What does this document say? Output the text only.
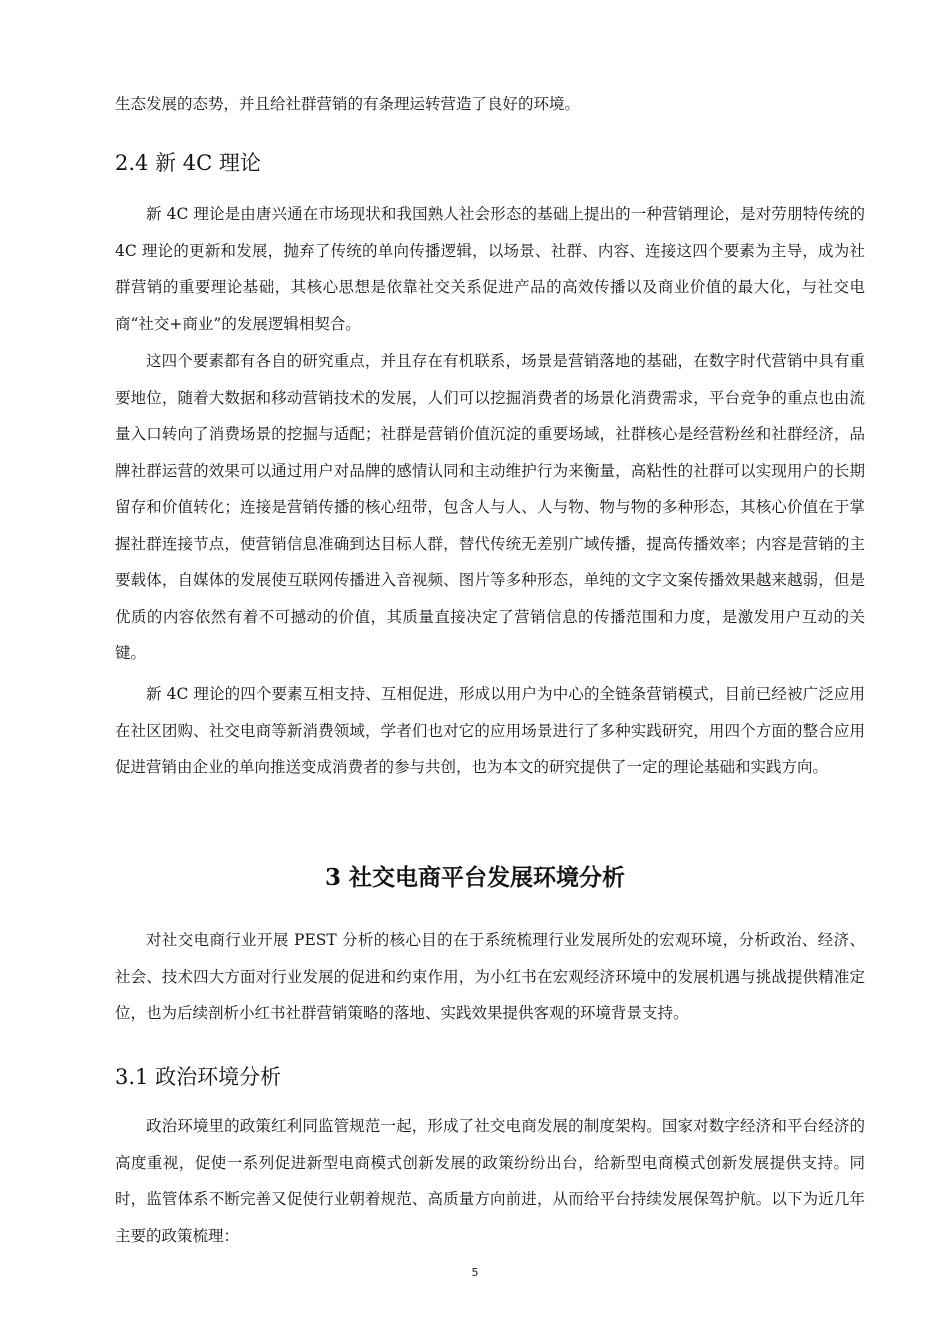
生态发展的态势，并且给社群营销的有条理运转营造了良好的环境。

2.4 新 4C 理论

新 4C 理论是由唐兴通在市场现状和我国熟人社会形态的基础上提出的一种营销理论，是对劳朋特传统的 4C 理论的更新和发展，抛弃了传统的单向传播逻辑，以场景、社群、内容、连接这四个要素为主导，成为社群营销的重要理论基础，其核心思想是依靠社交关系促进产品的高效传播以及商业价值的最大化，与社交电商“社交+商业”的发展逻辑相契合。

这四个要素都有各自的研究重点，并且存在有机联系，场景是营销落地的基础，在数字时代营销中具有重要地位，随着大数据和移动营销技术的发展，人们可以挖掘消费者的场景化消费需求，平台竞争的重点也由流量入口转向了消费场景的挖掘与适配；社群是营销价值沉淀的重要场域，社群核心是经营粉丝和社群经济，品牌社群运营的效果可以通过用户对品牌的感情认同和主动维护行为来衡量，高粘性的社群可以实现用户的长期留存和价值转化；连接是营销传播的核心纽带，包含人与人、人与物、物与物的多种形态，其核心价值在于掌握社群连接节点，使营销信息准确到达目标人群，替代传统无差别广域传播，提高传播效率；内容是营销的主要载体，自媒体的发展使互联网传播进入音视频、图片等多种形态，单纯的文字文案传播效果越来越弱，但是优质的内容依然有着不可撼动的价值，其质量直接决定了营销信息的传播范围和力度，是激发用户互动的关键。

新 4C 理论的四个要素互相支持、互相促进，形成以用户为中心的全链条营销模式，目前已经被广泛应用在社区团购、社交电商等新消费领域，学者们也对它的应用场景进行了多种实践研究，用四个方面的整合应用促进营销由企业的单向推送变成消费者的参与共创，也为本文的研究提供了一定的理论基础和实践方向。

3 社交电商平台发展环境分析

对社交电商行业开展 PEST 分析的核心目的在于系统梳理行业发展所处的宏观环境，分析政治、经济、社会、技术四大方面对行业发展的促进和约束作用，为小红书在宏观经济环境中的发展机遇与挑战提供精准定位，也为后续剖析小红书社群营销策略的落地、实践效果提供客观的环境背景支持。

3.1 政治环境分析

政治环境里的政策红利同监管规范一起，形成了社交电商发展的制度架构。国家对数字经济和平台经济的高度重视，促使一系列促进新型电商模式创新发展的政策纷纷出台，给新型电商模式创新发展提供支持。同时，监管体系不断完善又促使行业朝着规范、高质量方向前进，从而给平台持续发展保驾护航。以下为近几年主要的政策梳理：

5
